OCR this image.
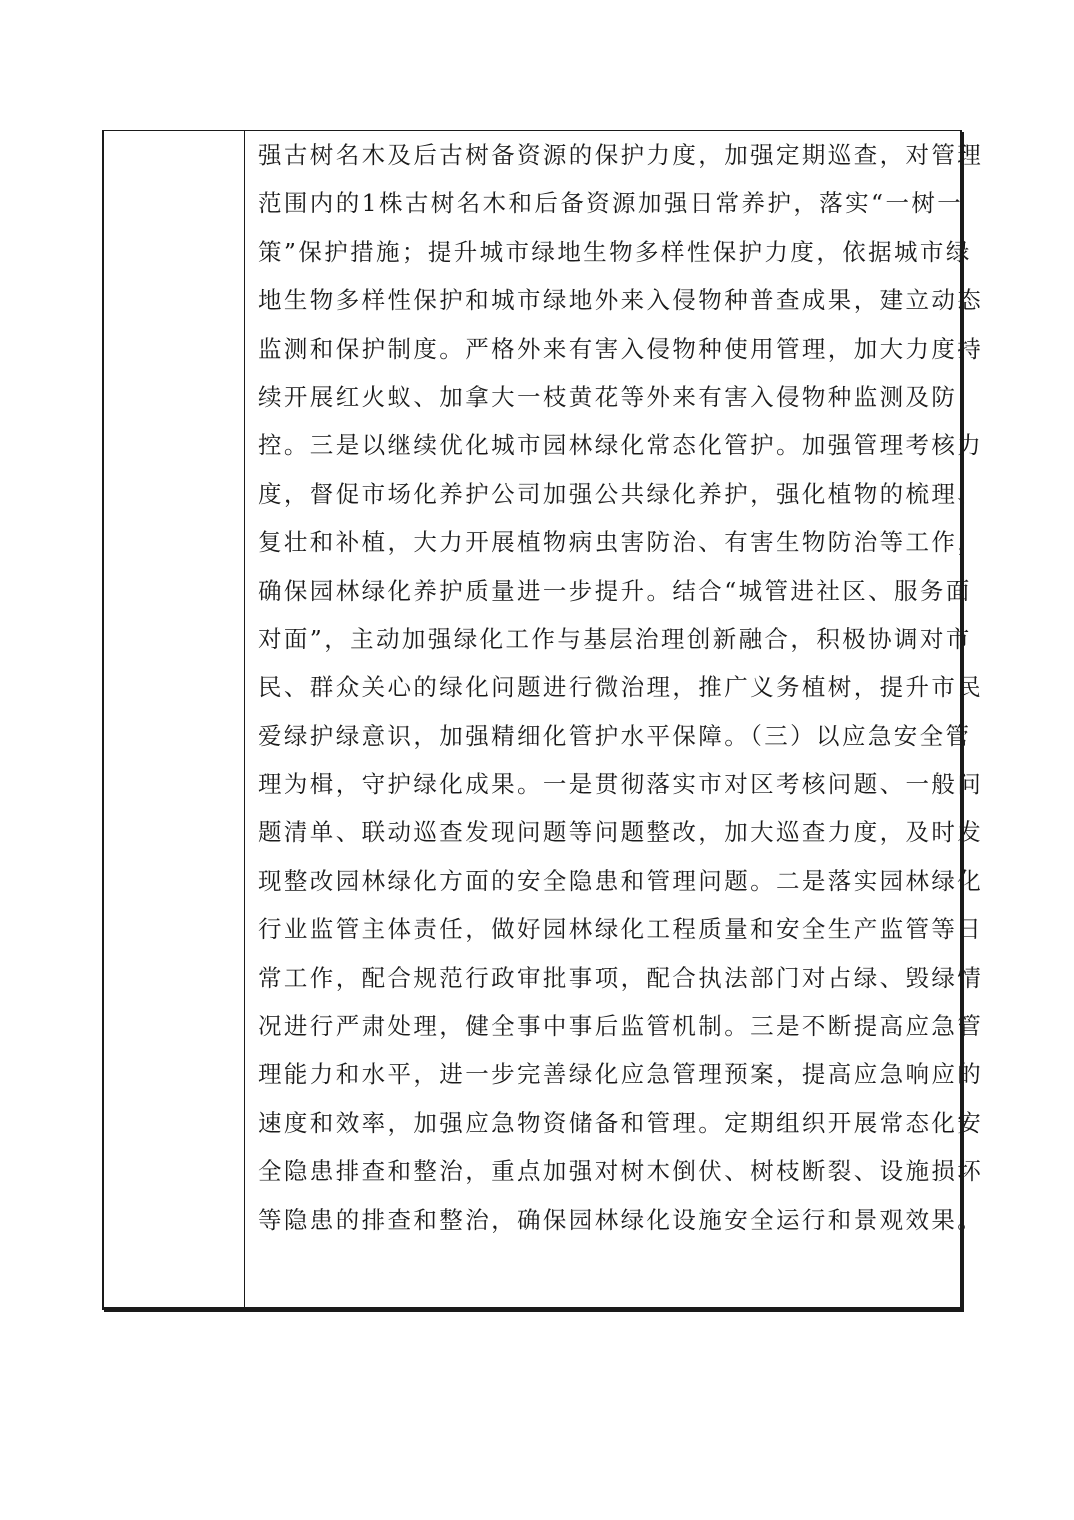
强古树名木及后古树备资源的保护力度，加强定期巡查，对管理
范围内的1株古树名木和后备资源加强日常养护，落实“一树一
策”保护措施；提升城市绿地生物多样性保护力度，依据城市绿
地生物多样性保护和城市绿地外来入侵物种普查成果，建立动态
监测和保护制度。严格外来有害入侵物种使用管理，加大力度持
续开展红火蚁、加拿大一枝黄花等外来有害入侵物种监测及防
控。三是以继续优化城市园林绿化常态化管护。加强管理考核力
度，督促市场化养护公司加强公共绿化养护，强化植物的梳理、
复壮和补植，大力开展植物病虫害防治、有害生物防治等工作，
确保园林绿化养护质量进一步提升。结合“城管进社区、服务面
对面”，主动加强绿化工作与基层治理创新融合，积极协调对市
民、群众关心的绿化问题进行微治理，推广义务植树，提升市民
爱绿护绿意识，加强精细化管护水平保障。（三）以应急安全管
理为楫，守护绿化成果。一是贯彻落实市对区考核问题、一般问
题清单、联动巡查发现问题等问题整改，加大巡查力度，及时发
现整改园林绿化方面的安全隐患和管理问题。二是落实园林绿化
行业监管主体责任，做好园林绿化工程质量和安全生产监管等日
常工作，配合规范行政审批事项，配合执法部门对占绿、毁绿情
况进行严肃处理，健全事中事后监管机制。三是不断提高应急管
理能力和水平，进一步完善绿化应急管理预案，提高应急响应的
速度和效率，加强应急物资储备和管理。定期组织开展常态化安
全隐患排查和整治，重点加强对树木倒伏、树枝断裂、设施损坏
等隐患的排查和整治，确保园林绿化设施安全运行和景观效果。
